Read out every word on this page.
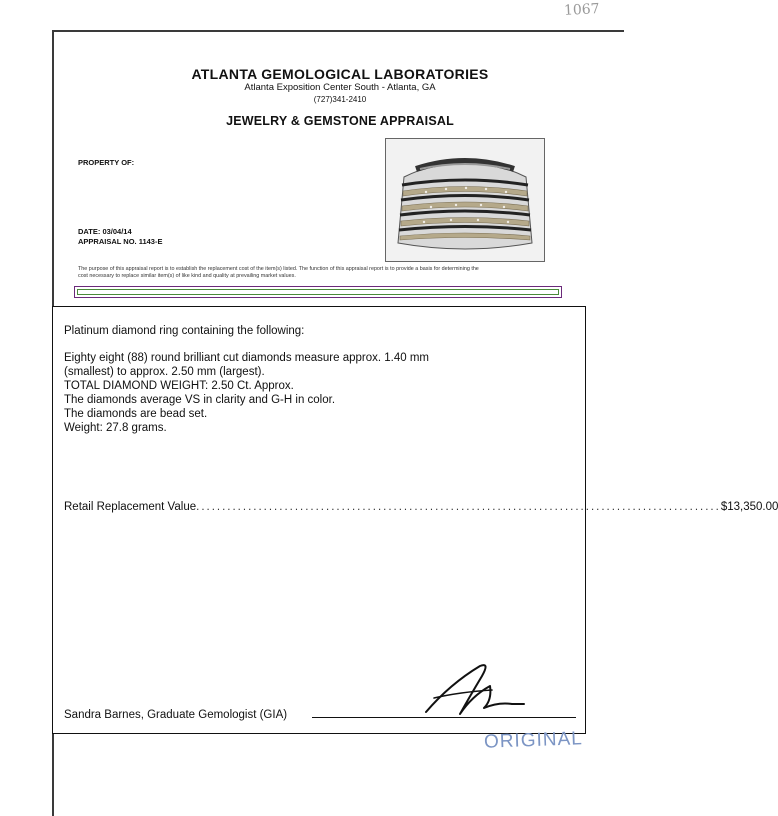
1067
ATLANTA GEMOLOGICAL LABORATORIES
Atlanta Exposition Center South - Atlanta, GA
(727)341-2410
JEWELRY & GEMSTONE APPRAISAL
PROPERTY OF:
DATE: 03/04/14
APPRAISAL NO. 1143-E
The purpose of this appraisal report is to establish the replacement cost of the item(s) listed. The function of this appraisal report is to provide a basis for determining the
cost necessary to replace similar item(s) of like kind and quality at prevailing market values.
Platinum diamond ring containing the following:
Eighty eight (88) round brilliant cut diamonds measure approx. 1.40 mm
(smallest) to approx. 2.50 mm (largest).
TOTAL DIAMOND WEIGHT: 2.50 Ct. Approx.
The diamonds average VS in clarity and G-H in color.
The diamonds are bead set.
Weight: 27.8 grams.
Retail Replacement Value ..................................................................................................... $13,350.00
Sandra Barnes, Graduate Gemologist (GIA)
ORIGINAL
